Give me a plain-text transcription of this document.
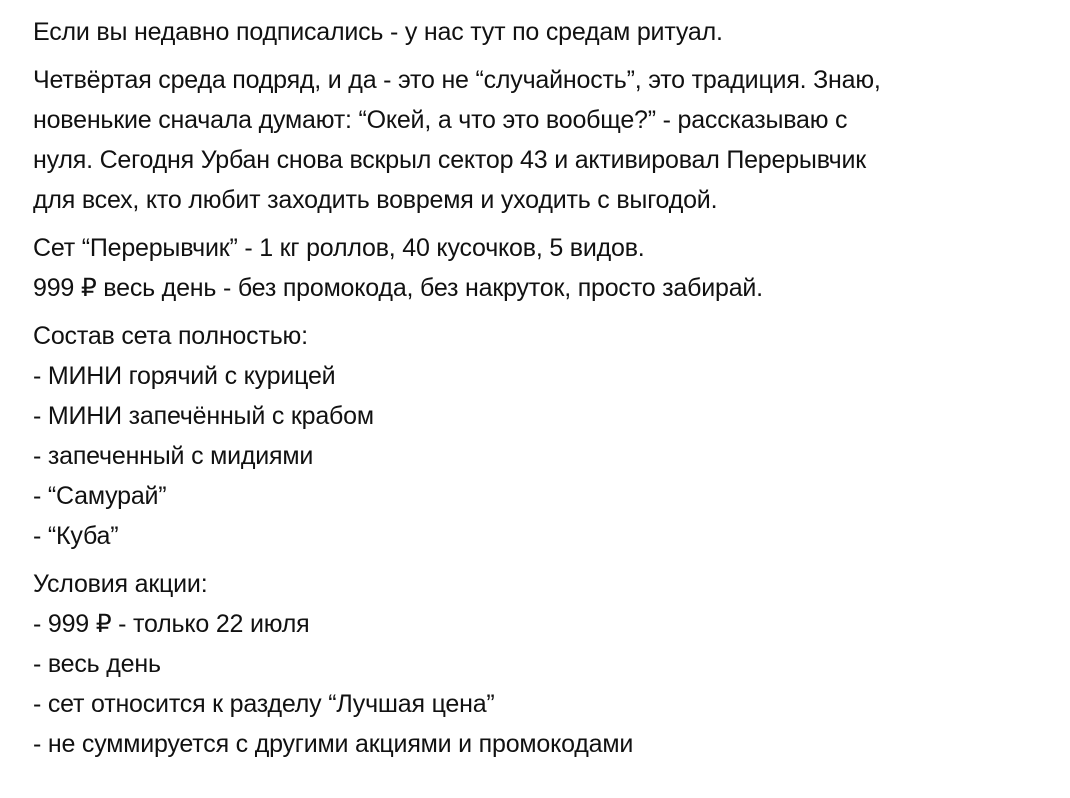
Если вы недавно подписались - у нас тут по средам ритуал.

Четвёртая среда подряд, и да - это не “случайность”, это традиция. Знаю,
новенькие сначала думают: “Окей, а что это вообще?” - рассказываю с
нуля. Сегодня Урбан снова вскрыл сектор 43 и активировал Перерывчик
для всех, кто любит заходить вовремя и уходить с выгодой.

Сет “Перерывчик” - 1 кг роллов, 40 кусочков, 5 видов.
999 ₽ весь день - без промокода, без накруток, просто забирай.

Состав сета полностью:
- МИНИ горячий с курицей
- МИНИ запечённый с крабом
- запеченный с мидиями
- “Самурай”
- “Куба”
Условия акции:
- 999 ₽ - только 22 июля
- весь день
- сет относится к разделу “Лучшая цена”
- не суммируется с другими акциями и промокодами
